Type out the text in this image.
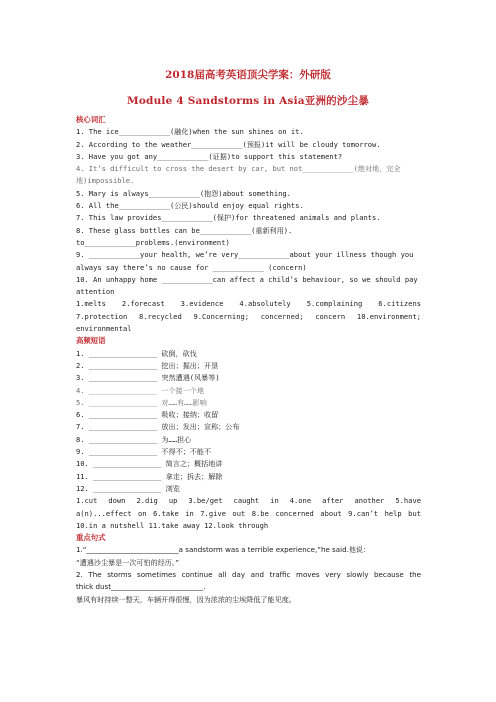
2018届高考英语顶尖学案：外研版
Module 4 Sandstorms in Asia亚洲的沙尘暴

核心词汇

1. The ice____________(融化)when the sun shines on it.

2. According to the weather____________(预报)it will be cloudy tomorrow.

3. Have you got any____________(证据)to support this statement?

4. It’s difficult to cross the desert by car, but not____________(绝对地，完全

地)impossible.

5. Mary is always____________(抱怨)about something.

6. All the____________(公民)should enjoy equal rights.

7. This law provides____________(保护)for threatened animals and plants.

8. These glass bottles can be____________(重新利用).

to____________problems.(environment)

9. ____________your health, we’re very____________about your illness though you

always say there’s no cause for ____________ (concern)

10. An unhappy home ____________can affect a child’s behaviour, so we should pay

attention

1.melts 2.forecast 3.evidence 4.absolutely 5.complaining 6.citizens

7.protection 8.recycled 9.Concerning; concerned; concern 10.environment;

environmental

高频短语

1. ________________ 砍倒，砍伐

2. ________________ 挖出；掘出；开垦

3. ________________ 突然遭遇(风暴等)

4. ________________ 一个接一个地

5. ________________ 对……有……影响

6. ________________ 吸收；接纳；收留

7. ________________ 放出；发出；宣称；公布

8. ________________ 为……担心

9. ________________ 不得不；不能不

10. ________________ 简言之；概括地讲

11. ________________ 拿走；拆去；解除

12. ________________ 浏览

1.cut down 2.dig up 3.be/get caught in 4.one after another 5.have

a(n)...effect on 6.take in 7.give out 8.be concerned about 9.can’t help but

10.in a nutshell 11.take away 12.look through

重点句式

1.“__________________________a sandstorm was a terrible experience,”he said.他说：

“遭遇沙尘暴是一次可怕的经历。”

2. The storms sometimes continue all day and traffic moves very slowly because the

thick dust__________________________.

暴风有时持续一整天，车辆开得很慢，因为浓浓的尘埃降低了能见度。
